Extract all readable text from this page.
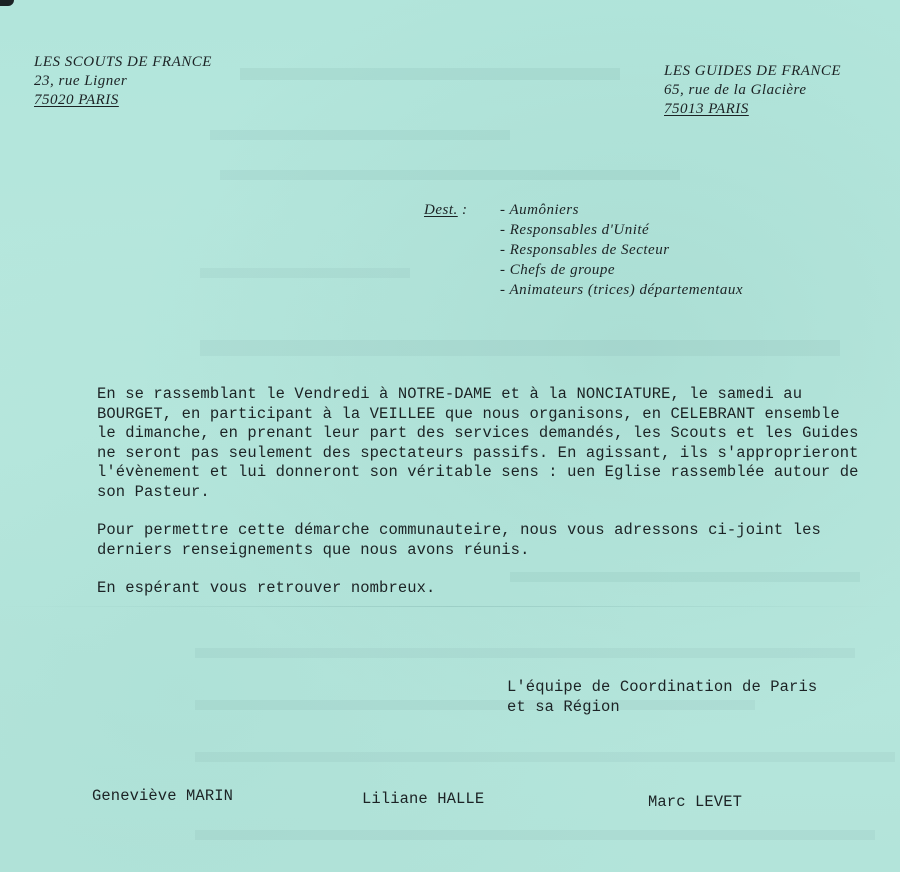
LES SCOUTS DE FRANCE
23, rue Ligner
75020 PARIS
LES GUIDES DE FRANCE
65, rue de la Glacière
75013 PARIS
Dest. : - Aumôniers
- Responsables d'Unité
- Responsables de Secteur
- Chefs de groupe
- Animateurs (trices) départementaux
En se rassemblant le Vendredi à NOTRE-DAME et à la NONCIATURE, le samedi au
BOURGET, en participant à la VEILLEE que nous organisons, en CELEBRANT ensemble
le dimanche, en prenant leur part des services demandés, les Scouts et les Guides
ne seront pas seulement des spectateurs passifs. En agissant, ils s'approprieront
l'évènement et lui donneront son véritable sens : uen Eglise rassemblée autour de
son Pasteur.
Pour permettre cette démarche communauteire, nous vous adressons ci-joint les
derniers renseignements que nous avons réunis.
En espérant vous retrouver nombreux.
L'équipe de Coordination de Paris
et sa Région
Geneviève MARIN	Liliane HALLE	Marc LEVET
